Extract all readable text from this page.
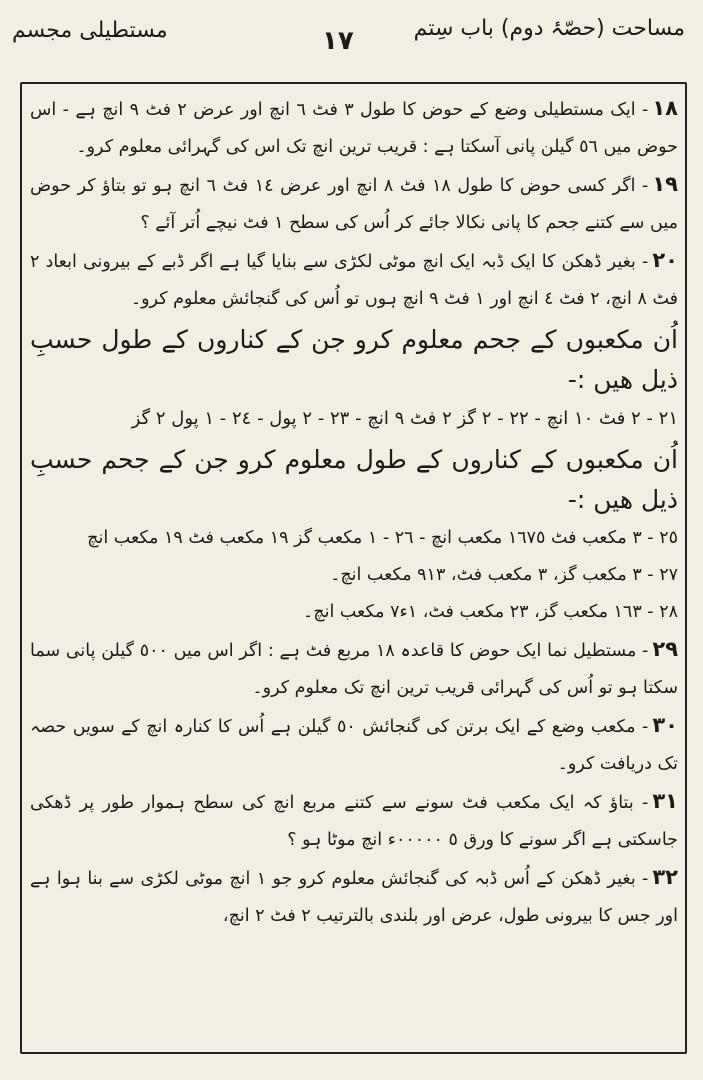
مساحت (حصّۂ دوم) باب سِتم
١٧
مستطیلی مجسم

١٨- ایک مستطیلی وضع کے حوض کا طول ٣ فٹ ٦ انچ اور عرض ٢ فٹ ٩ انچ ہے - اس حوض میں ٥٦ گیلن پانی آسکتا ہے : قریب ترین انچ تک اس کی گہرائی معلوم کرو۔

١٩- اگر کسی حوض کا طول ١٨ فٹ ٨ انچ اور عرض ١٤ فٹ ٦ انچ ہو تو بتاؤ کر حوض میں سے کتنے جحم کا پانی نکالا جائے کر اُس کی سطح ١ فٹ نیچے اُتر آئے ؟

٢٠- بغیر ڈھکن کا ایک ڈبہ ایک انچ موٹی لکڑی سے بنایا گیا ہے اگر ڈبے کے بیرونی ابعاد ٢ فٹ ٨ انچ، ٢ فٹ ٤ انچ اور ١ فٹ ٩ انچ ہوں تو اُس کی گنجائش معلوم کرو۔

اُن مکعبوں کے جحم معلوم کرو جن کے کناروں کے طول حسبِ ذیل ھیں :-

٢١ - ٢ فٹ ١٠ انچ - ٢٢ - ٢ گز ٢ فٹ ٩ انچ - ٢٣ - ٢ پول - ٢٤ - ١ پول ٢ گز

اُن مکعبوں کے کناروں کے طول معلوم کرو جن کے جحم حسبِ ذیل ھیں :-

٢٥ - ٣ مکعب فٹ ١٦٧٥ مکعب انچ - ٢٦ - ١ مکعب گز ١٩ مکعب فٹ ١٩ مکعب انچ

٢٧ - ٣ مکعب گز، ٣ مکعب فٹ، ٩١٣ مکعب انچ۔

٢٨ - ١٦٣ مکعب گز، ٢٣ مکعب فٹ، ١ء٧ مکعب انچ۔

٢٩- مستطیل نما ایک حوض کا قاعدہ ١٨ مربع فٹ ہے : اگر اس میں ٥٠٠ گیلن پانی سما سکتا ہو تو اُس کی گہرائی قریب ترین انچ تک معلوم کرو۔

٣٠- مکعب وضع کے ایک برتن کی گنجائش ٥٠ گیلن ہے اُس کا کنارہ انچ کے سویں حصہ تک دریافت کرو۔

٣١- بتاؤ کہ ایک مکعب فٹ سونے سے کتنے مربع انچ کی سطح ہموار طور پر ڈھکی جاسکتی ہے اگر سونے کا ورق ٥ ٠٠٠٠٠ء انچ موٹا ہو ؟

٣٢- بغیر ڈھکن کے اُس ڈبہ کی گنجائش معلوم کرو جو ١ انچ موٹی لکڑی سے بنا ہوا ہے اور جس کا بیرونی طول، عرض اور بلندی بالترتیب ٢ فٹ ٢ انچ،
